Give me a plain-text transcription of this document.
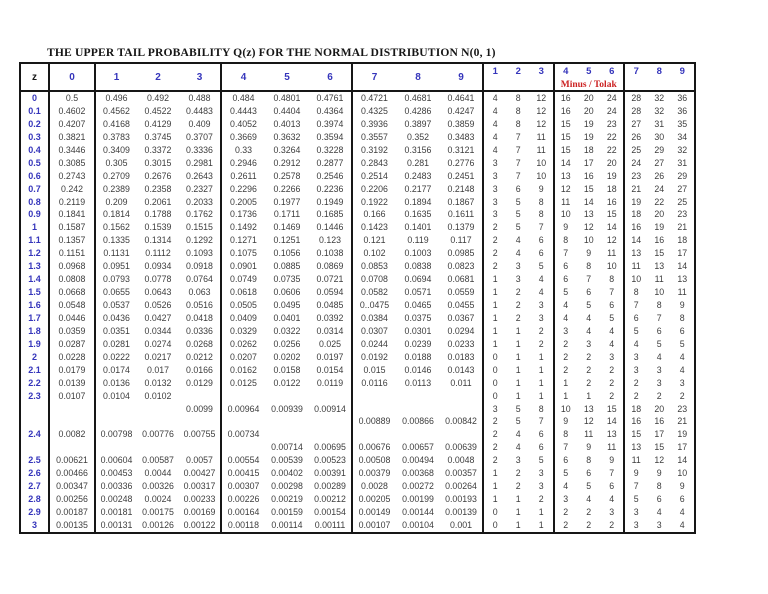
THE UPPER TAIL PROBABILITY Q(z) FOR THE NORMAL DISTRIBUTION N(0, 1)
z	0	1	2	3	4	5	6	7	8	9	1	2	3	4	5	6	7	8	9
														Minus / Tolak					
0	0.5	0.496	0.492	0.488	0.484	0.4801	0.4761	0.4721	0.4681	0.4641	4	8	12	16	20	24	28	32	36
0.1	0.4602	0.4562	0.4522	0.4483	0.4443	0.4404	0.4364	0.4325	0.4286	0.4247	4	8	12	16	20	24	28	32	36
0.2	0.4207	0.4168	0.4129	0.409	0.4052	0.4013	0.3974	0.3936	0.3897	0.3859	4	8	12	15	19	23	27	31	35
0.3	0.3821	0.3783	0.3745	0.3707	0.3669	0.3632	0.3594	0.3557	0.352	0.3483	4	7	11	15	19	22	26	30	34
0.4	0.3446	0.3409	0.3372	0.3336	0.33	0.3264	0.3228	0.3192	0.3156	0.3121	4	7	11	15	18	22	25	29	32
0.5	0.3085	0.305	0.3015	0.2981	0.2946	0.2912	0.2877	0.2843	0.281	0.2776	3	7	10	14	17	20	24	27	31
0.6	0.2743	0.2709	0.2676	0.2643	0.2611	0.2578	0.2546	0.2514	0.2483	0.2451	3	7	10	13	16	19	23	26	29
0.7	0.242	0.2389	0.2358	0.2327	0.2296	0.2266	0.2236	0.2206	0.2177	0.2148	3	6	9	12	15	18	21	24	27
0.8	0.2119	0.209	0.2061	0.2033	0.2005	0.1977	0.1949	0.1922	0.1894	0.1867	3	5	8	11	14	16	19	22	25
0.9	0.1841	0.1814	0.1788	0.1762	0.1736	0.1711	0.1685	0.166	0.1635	0.1611	3	5	8	10	13	15	18	20	23
1	0.1587	0.1562	0.1539	0.1515	0.1492	0.1469	0.1446	0.1423	0.1401	0.1379	2	5	7	9	12	14	16	19	21
1.1	0.1357	0.1335	0.1314	0.1292	0.1271	0.1251	0.123	0.121	0.119	0.117	2	4	6	8	10	12	14	16	18
1.2	0.1151	0.1131	0.1112	0.1093	0.1075	0.1056	0.1038	0.102	0.1003	0.0985	2	4	6	7	9	11	13	15	17
1.3	0.0968	0.0951	0.0934	0.0918	0.0901	0.0885	0.0869	0.0853	0.0838	0.0823	2	3	5	6	8	10	11	13	14
1.4	0.0808	0.0793	0.0778	0.0764	0.0749	0.0735	0.0721	0.0708	0.0694	0.0681	1	3	4	6	7	8	10	11	13
1.5	0.0668	0.0655	0.0643	0.063	0.0618	0.0606	0.0594	0.0582	0.0571	0.0559	1	2	4	5	6	7	8	10	11
1.6	0.0548	0.0537	0.0526	0.0516	0.0505	0.0495	0.0485	0..0475	0.0465	0.0455	1	2	3	4	5	6	7	8	9
1.7	0.0446	0.0436	0.0427	0.0418	0.0409	0.0401	0.0392	0.0384	0.0375	0.0367	1	2	3	4	4	5	6	7	8
1.8	0.0359	0.0351	0.0344	0.0336	0.0329	0.0322	0.0314	0.0307	0.0301	0.0294	1	1	2	3	4	4	5	6	6
1.9	0.0287	0.0281	0.0274	0.0268	0.0262	0.0256	0.025	0.0244	0.0239	0.0233	1	1	2	2	3	4	4	5	5
2	0.0228	0.0222	0.0217	0.0212	0.0207	0.0202	0.0197	0.0192	0.0188	0.0183	0	1	1	2	2	3	3	4	4
2.1	0.0179	0.0174	0.017	0.0166	0.0162	0.0158	0.0154	0.015	0.0146	0.0143	0	1	1	2	2	2	3	3	4
2.2	0.0139	0.0136	0.0132	0.0129	0.0125	0.0122	0.0119	0.0116	0.0113	0.011	0	1	1	1	2	2	2	3	3
2.3	0.0107	0.0104	0.0102								0	1	1	1	1	2	2	2	2
				0.0099	0.00964	0.00939	0.00914				3	5	8	10	13	15	18	20	23
								0.00889	0.00866	0.00842	2	5	7	9	12	14	16	16	21
2.4	0.0082	0.00798	0.00776	0.00755	0.00734						2	4	6	8	11	13	15	17	19
						0.00714	0.00695	0.00676	0.00657	0.00639	2	4	6	7	9	11	13	15	17
2.5	0.00621	0.00604	0.00587	0.0057	0.00554	0.00539	0.00523	0.00508	0.00494	0.0048	2	3	5	6	8	9	11	12	14
2.6	0.00466	0.00453	0.0044	0.00427	0.00415	0.00402	0.00391	0.00379	0.00368	0.00357	1	2	3	5	6	7	9	9	10
2.7	0.00347	0.00336	0.00326	0.00317	0.00307	0.00298	0.00289	0.0028	0.00272	0.00264	1	2	3	4	5	6	7	8	9
2.8	0.00256	0.00248	0.0024	0.00233	0.00226	0.00219	0.00212	0.00205	0.00199	0.00193	1	1	2	3	4	4	5	6	6
2.9	0.00187	0.00181	0.00175	0.00169	0.00164	0.00159	0.00154	0.00149	0.00144	0.00139	0	1	1	2	2	3	3	4	4
3	0.00135	0.00131	0.00126	0.00122	0.00118	0.00114	0.00111	0.00107	0.00104	0.001	0	1	1	2	2	2	3	3	4
